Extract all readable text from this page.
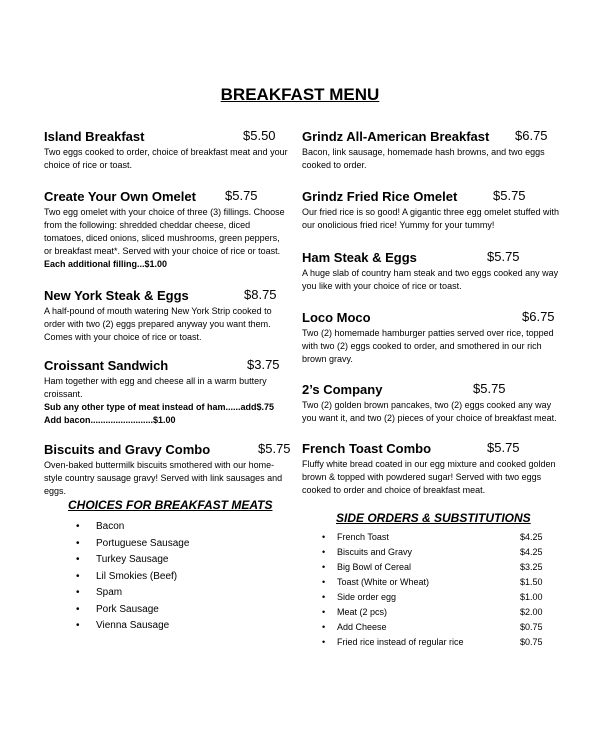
BREAKFAST MENU
Island Breakfast	$5.50
Two eggs cooked to order, choice of breakfast meat and your choice of rice or toast.
Create Your Own Omelet $5.75
Two egg omelet with your choice of three (3) fillings. Choose from the following: shredded cheddar cheese, diced tomatoes, diced onions, sliced mushrooms, green peppers, or breakfast meat*. Served with your choice of rice or toast.
Each additional filling...$1.00
New York Steak & Eggs	$8.75
A half-pound of mouth watering New York Strip cooked to order with two (2) eggs prepared anyway you want them. Comes with your choice of rice or toast.
Croissant Sandwich	$3.75
Ham together with egg and cheese all in a warm buttery croissant.
Sub any other type of meat instead of ham......add$.75
Add bacon.........................$1.00
Biscuits and Gravy Combo	$5.75
Oven-baked buttermilk biscuits smothered with our home-style country sausage gravy! Served with link sausages and eggs.
Grindz All-American Breakfast $6.75
Bacon, link sausage, homemade hash browns, and two eggs cooked to order.
Grindz Fried Rice Omelet	$5.75
Our fried rice is so good! A gigantic three egg omelet stuffed with our onolicious fried rice! Yummy for your tummy!
Ham Steak & Eggs	$5.75
A huge slab of country ham steak and two eggs cooked any way you like with your choice of rice or toast.
Loco Moco	$6.75
Two (2) homemade hamburger patties served over rice, topped with two (2) eggs cooked to order, and smothered in our rich brown gravy.
2’s Company	$5.75
Two (2) golden brown pancakes, two (2) eggs cooked any way you want it, and two (2) pieces of your choice of breakfast meat.
French Toast Combo	$5.75
Fluffy white bread coated in our egg mixture and cooked golden brown & topped with powdered sugar! Served with two eggs cooked to order and choice of breakfast meat.
CHOICES FOR BREAKFAST MEATS
• Bacon
• Portuguese Sausage
• Turkey Sausage
• Lil Smokies (Beef)
• Spam
• Pork Sausage
• Vienna Sausage
SIDE ORDERS & SUBSTITUTIONS
• French Toast	$4.25
• Biscuits and Gravy	$4.25
• Big Bowl of Cereal	$3.25
• Toast (White or Wheat)	$1.50
• Side order egg	$1.00
• Meat (2 pcs)	$2.00
• Add Cheese	$0.75
• Fried rice instead of regular rice	$0.75
